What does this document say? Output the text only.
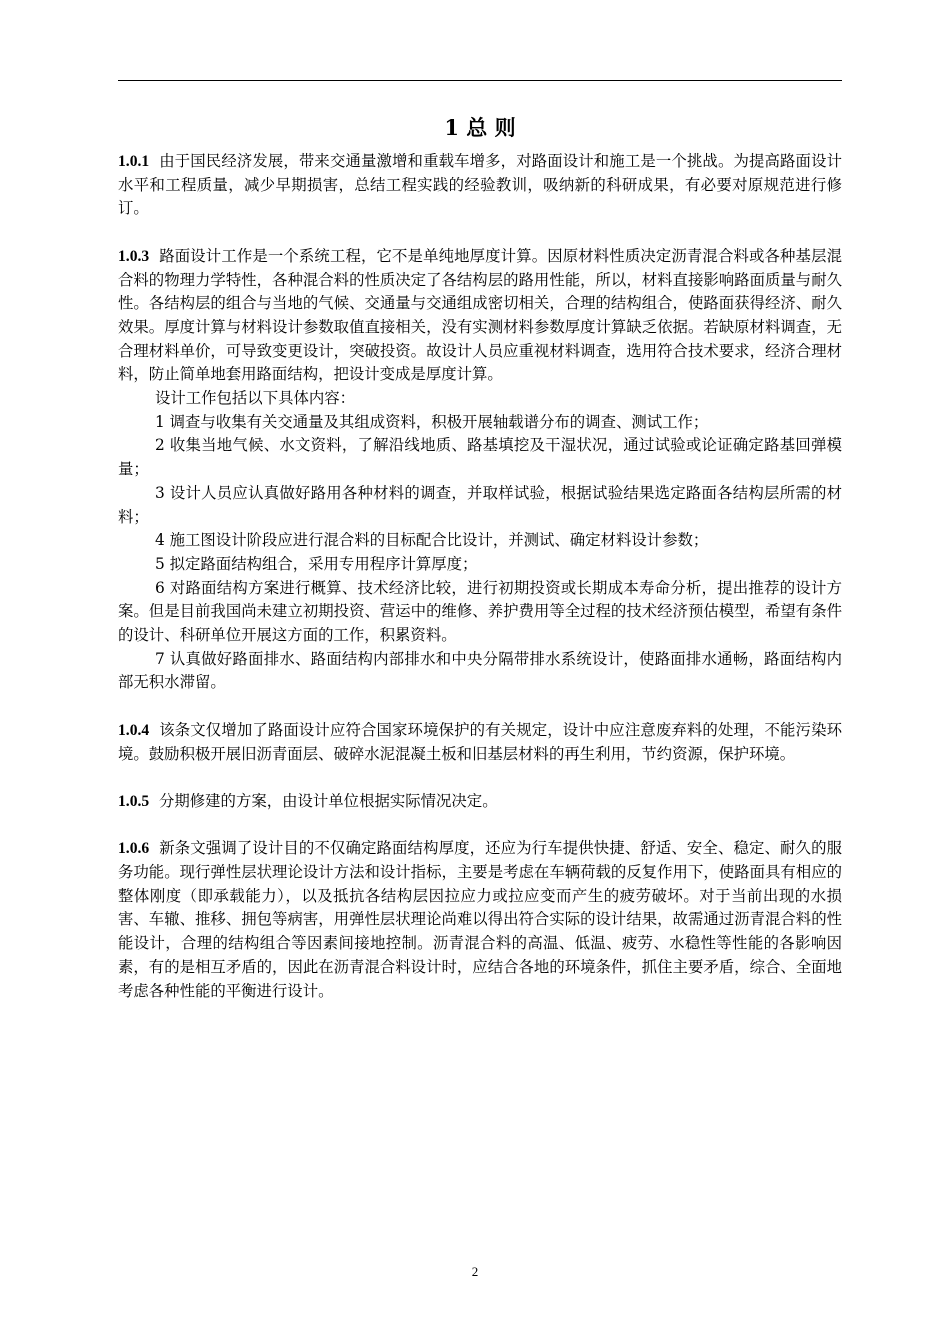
1 总 则

1.0.1 由于国民经济发展，带来交通量激增和重载车增多，对路面设计和施工是一个挑战。为提高路面设计水平和工程质量，减少早期损害，总结工程实践的经验教训，吸纳新的科研成果，有必要对原规范进行修订。

1.0.3 路面设计工作是一个系统工程，它不是单纯地厚度计算。因原材料性质决定沥青混合料或各种基层混合料的物理力学特性，各种混合料的性质决定了各结构层的路用性能，所以，材料直接影响路面质量与耐久性。各结构层的组合与当地的气候、交通量与交通组成密切相关，合理的结构组合，使路面获得经济、耐久效果。厚度计算与材料设计参数取值直接相关，没有实测材料参数厚度计算缺乏依据。若缺原材料调查，无合理材料单价，可导致变更设计，突破投资。故设计人员应重视材料调查，选用符合技术要求，经济合理材料，防止简单地套用路面结构，把设计变成是厚度计算。

设计工作包括以下具体内容：

1 调查与收集有关交通量及其组成资料，积极开展轴载谱分布的调查、测试工作；

2 收集当地气候、水文资料，了解沿线地质、路基填挖及干湿状况，通过试验或论证确定路基回弹模量；

3 设计人员应认真做好路用各种材料的调查，并取样试验，根据试验结果选定路面各结构层所需的材料；

4 施工图设计阶段应进行混合料的目标配合比设计，并测试、确定材料设计参数；

5 拟定路面结构组合，采用专用程序计算厚度；

6 对路面结构方案进行概算、技术经济比较，进行初期投资或长期成本寿命分析，提出推荐的设计方案。但是目前我国尚未建立初期投资、营运中的维修、养护费用等全过程的技术经济预估模型，希望有条件的设计、科研单位开展这方面的工作，积累资料。

7 认真做好路面排水、路面结构内部排水和中央分隔带排水系统设计，使路面排水通畅，路面结构内部无积水滞留。

1.0.4 该条文仅增加了路面设计应符合国家环境保护的有关规定，设计中应注意废弃料的处理，不能污染环境。鼓励积极开展旧沥青面层、破碎水泥混凝土板和旧基层材料的再生利用，节约资源，保护环境。

1.0.5 分期修建的方案，由设计单位根据实际情况决定。

1.0.6 新条文强调了设计目的不仅确定路面结构厚度，还应为行车提供快捷、舒适、安全、稳定、耐久的服务功能。现行弹性层状理论设计方法和设计指标，主要是考虑在车辆荷载的反复作用下，使路面具有相应的整体刚度（即承载能力），以及抵抗各结构层因拉应力或拉应变而产生的疲劳破坏。对于当前出现的水损害、车辙、推移、拥包等病害，用弹性层状理论尚难以得出符合实际的设计结果，故需通过沥青混合料的性能设计，合理的结构组合等因素间接地控制。沥青混合料的高温、低温、疲劳、水稳性等性能的各影响因素，有的是相互矛盾的，因此在沥青混合料设计时，应结合各地的环境条件，抓住主要矛盾，综合、全面地考虑各种性能的平衡进行设计。

2
